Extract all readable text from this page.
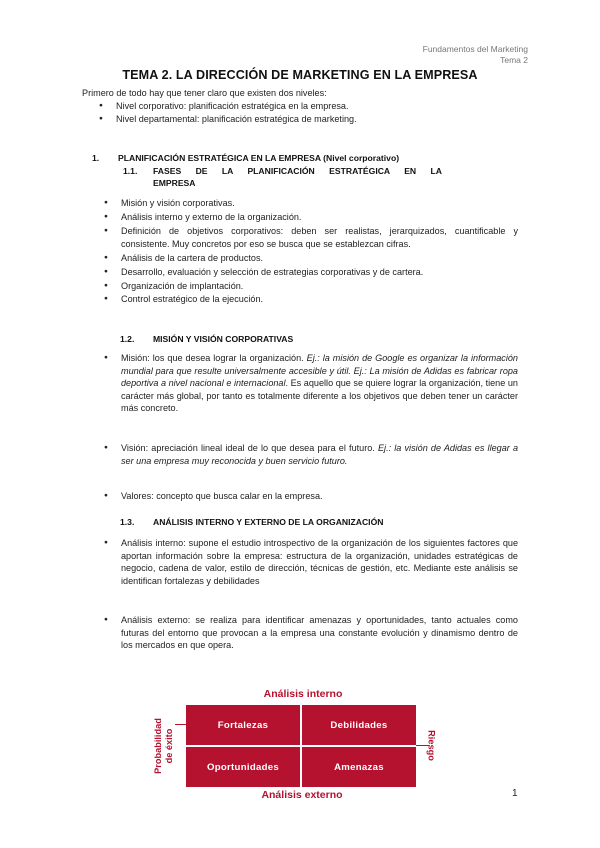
Fundamentos del Marketing
Tema 2
TEMA 2. LA DIRECCIÓN DE MARKETING EN LA EMPRESA
Primero de todo hay que tener claro que existen dos niveles:
● Nivel corporativo: planificación estratégica en la empresa.
● Nivel departamental: planificación estratégica de marketing.
1. PLANIFICACIÓN ESTRATÉGICA EN LA EMPRESA (Nivel corporativo)
1.1. FASES DE LA PLANIFICACIÓN ESTRATÉGICA EN LA
EMPRESA
● Misión y visión corporativas.
● Análisis interno y externo de la organización.
● Definición de objetivos corporativos: deben ser realistas, jerarquizados, cuantificable y consistente. Muy concretos por eso se busca que se establezcan cifras.
● Análisis de la cartera de productos.
● Desarrollo, evaluación y selección de estrategias corporativas y de cartera.
● Organización de implantación.
● Control estratégico de la ejecución.
1.2. MISIÓN Y VISIÓN CORPORATIVAS
● Misión: los que desea lograr la organización. Ej.: la misión de Google es organizar la información mundial para que resulte universalmente accesible y útil. Ej.: La misión de Adidas es fabricar ropa deportiva a nivel nacional e internacional. Es aquello que se quiere lograr la organización, tiene un carácter más global, por tanto es totalmente diferente a los objetivos que deben tener un carácter más concreto.
● Visión: apreciación lineal ideal de lo que desea para el futuro. Ej.: la visión de Adidas es llegar a ser una empresa muy reconocida y buen servicio futuro.
● Valores: concepto que busca calar en la empresa.
1.3. ANÁLISIS INTERNO Y EXTERNO DE LA ORGANIZACIÓN
● Análisis interno: supone el estudio introspectivo de la organización de los siguientes factores que aportan información sobre la empresa: estructura de la organización, unidades estratégicas de negocio, cadena de valor, estilo de dirección, técnicas de gestión, etc. Mediante este análisis se identifican fortalezas y debilidades
● Análisis externo: se realiza para identificar amenazas y oportunidades, tanto actuales como futuras del entorno que provocan a la empresa una constante evolución y dinamismo dentro de los mercados en que opera.
Análisis interno
Fortalezas	Debilidades
Oportunidades	Amenazas
Probabilidad de éxito	Riesgo
Análisis externo	1
